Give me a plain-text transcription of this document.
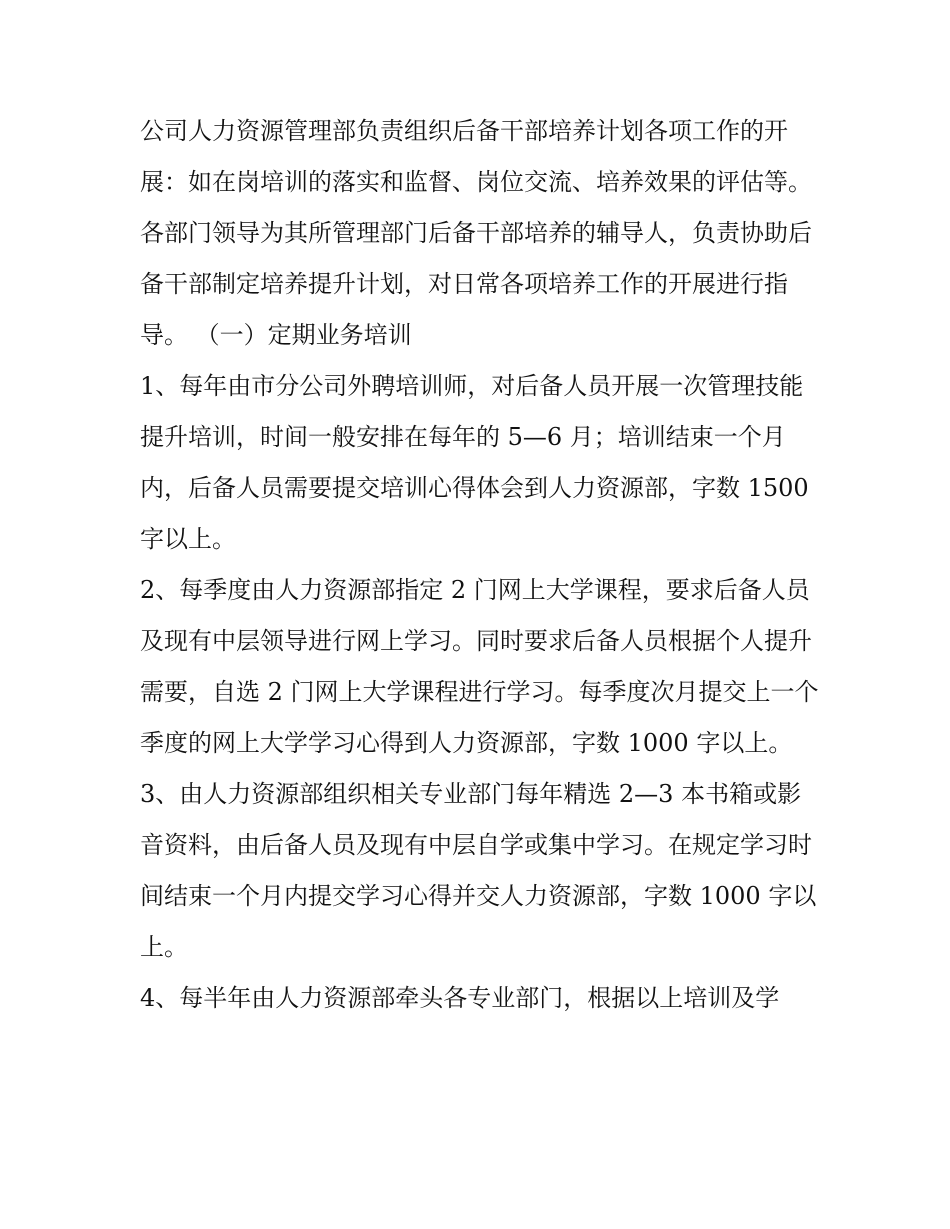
公司人力资源管理部负责组织后备干部培养计划各项工作的开展：如在岗培训的落实和监督、岗位交流、培养效果的评估等。

各部门领导为其所管理部门后备干部培养的辅导人，负责协助后备干部制定培养提升计划，对日常各项培养工作的开展进行指导。 （一）定期业务培训

1、每年由市分公司外聘培训师，对后备人员开展一次管理技能提升培训，时间一般安排在每年的 5—6 月；培训结束一个月内，后备人员需要提交培训心得体会到人力资源部，字数 1500 字以上。

2、每季度由人力资源部指定 2 门网上大学课程，要求后备人员及现有中层领导进行网上学习。同时要求后备人员根据个人提升需要，自选 2 门网上大学课程进行学习。每季度次月提交上一个季度的网上大学学习心得到人力资源部，字数 1000 字以上。

3、由人力资源部组织相关专业部门每年精选 2—3 本书箱或影音资料，由后备人员及现有中层自学或集中学习。在规定学习时间结束一个月内提交学习心得并交人力资源部，字数 1000 字以上。

4、每半年由人力资源部牵头各专业部门，根据以上培训及学
